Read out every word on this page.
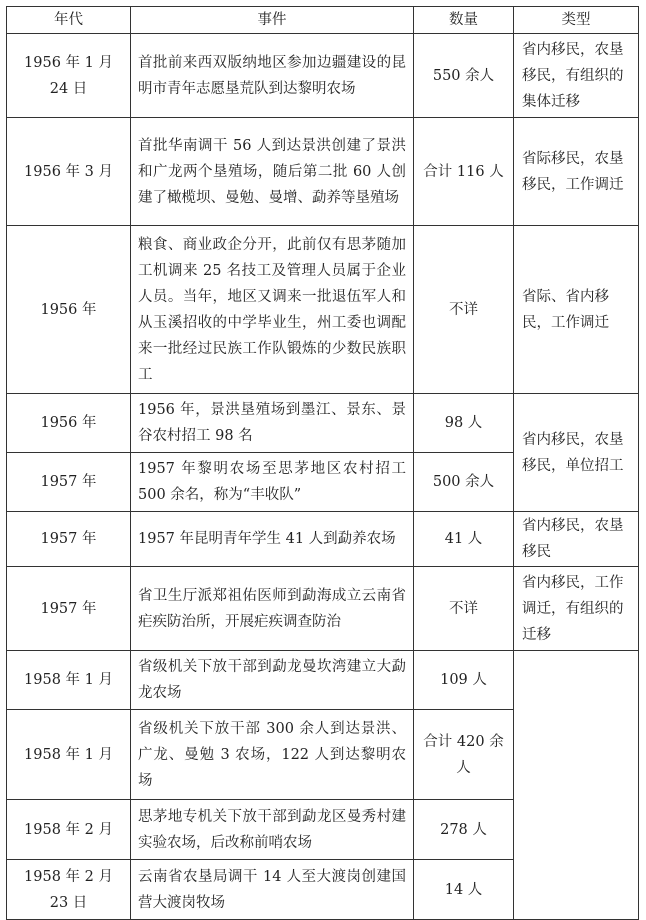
年代	事件	数量	类型
1956 年 1 月 24 日	首批前来西双版纳地区参加边疆建设的昆明市青年志愿垦荒队到达黎明农场	550 余人	省内移民，农垦移民，有组织的集体迁移
1956 年 3 月	首批华南调干 56 人到达景洪创建了景洪和广龙两个垦殖场，随后第二批 60 人创建了橄榄坝、曼勉、曼增、勐养等垦殖场	合计 116 人	省际移民，农垦移民，工作调迁
1956 年	粮食、商业政企分开，此前仅有思茅随加工机调来 25 名技工及管理人员属于企业人员。当年，地区又调来一批退伍军人和从玉溪招收的中学毕业生，州工委也调配来一批经过民族工作队锻炼的少数民族职工	不详	省际、省内移民，工作调迁
1956 年	1956 年，景洪垦殖场到墨江、景东、景谷农村招工 98 名	98 人	省内移民，农垦移民，单位招工
1957 年	1957 年黎明农场至思茅地区农村招工 500 余名，称为“丰收队”	500 余人	
1957 年	1957 年昆明青年学生 41 人到勐养农场	41 人	省内移民，农垦移民
1957 年	省卫生厅派郑祖佑医师到勐海成立云南省疟疾防治所，开展疟疾调查防治	不详	省内移民，工作调迁，有组织的迁移
1958 年 1 月	省级机关下放干部到勐龙曼坎湾建立大勐龙农场	109 人	
1958 年 1 月	省级机关下放干部 300 余人到达景洪、广龙、曼勉 3 农场，122 人到达黎明农场	合计 420 余人	
1958 年 2 月	思茅地专机关下放干部到勐龙区曼秀村建实验农场，后改称前哨农场	278 人	
1958 年 2 月 23 日	云南省农垦局调干 14 人至大渡岗创建国营大渡岗牧场	14 人	
